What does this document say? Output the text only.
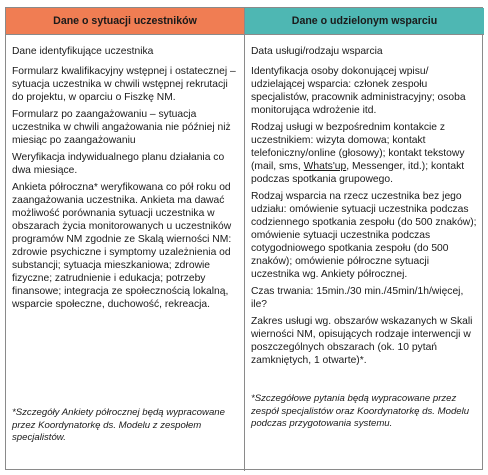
Dane o sytuacji uczestników	Dane o udzielonym wsparciu

Dane identyfikujące uczestnika

Formularz kwalifikacyjny wstępnej i ostatecznej – sytuacja uczestnika w chwili wstępnej rekrutacji do projektu, w oparciu o Fiszkę NM.

Formularz po zaangażowaniu – sytuacja uczestnika w chwili angażowania nie później niż miesiąc po zaangażowaniu

Weryfikacja indywidualnego planu działania co dwa miesiące.

Ankieta półroczna* weryfikowana co pół roku od zaangażowania uczestnika. Ankieta ma dawać możliwość porównania sytuacji uczestnika w obszarach życia monitorowanych u uczestników programów NM zgodnie ze Skalą wierności NM: zdrowie psychiczne i symptomy uzależnienia od substancji; sytuacja mieszkaniowa; zdrowie fizyczne; zatrudnienie i edukacja; potrzeby finansowe; integracja ze społecznością lokalną, wsparcie społeczne, duchowość, rekreacja.

*Szczegóły Ankiety półrocznej będą wypracowane przez Koordynatorkę ds. Modelu z zespołem specjalistów.

Data usługi/rodzaju wsparcia

Identyfikacja osoby dokonującej wpisu/ udzielającej wsparcia: członek zespołu specjalistów, pracownik administracyjny; osoba monitorująca wdrożenie itd.

Rodzaj usługi w bezpośrednim kontakcie z uczestnikiem: wizyta domowa; kontakt telefoniczny/online (głosowy); kontakt tekstowy (mail, sms, Whats'up, Messenger, itd.); kontakt podczas spotkania grupowego.

Rodzaj wsparcia na rzecz uczestnika bez jego udziału: omówienie sytuacji uczestnika podczas codziennego spotkania zespołu (do 500 znaków); omówienie sytuacji uczestnika podczas cotygodniowego spotkania zespołu (do 500 znaków); omówienie półroczne sytuacji uczestnika wg. Ankiety półrocznej.

Czas trwania: 15min./30 min./45min/1h/więcej, ile?

Zakres usługi wg. obszarów wskazanych w Skali wierności NM, opisujących rodzaje interwencji w poszczególnych obszarach (ok. 10 pytań zamkniętych, 1 otwarte)*.

*Szczegółowe pytania będą wypracowane przez zespół specjalistów oraz Koordynatorkę ds. Modelu podczas przygotowania systemu.
